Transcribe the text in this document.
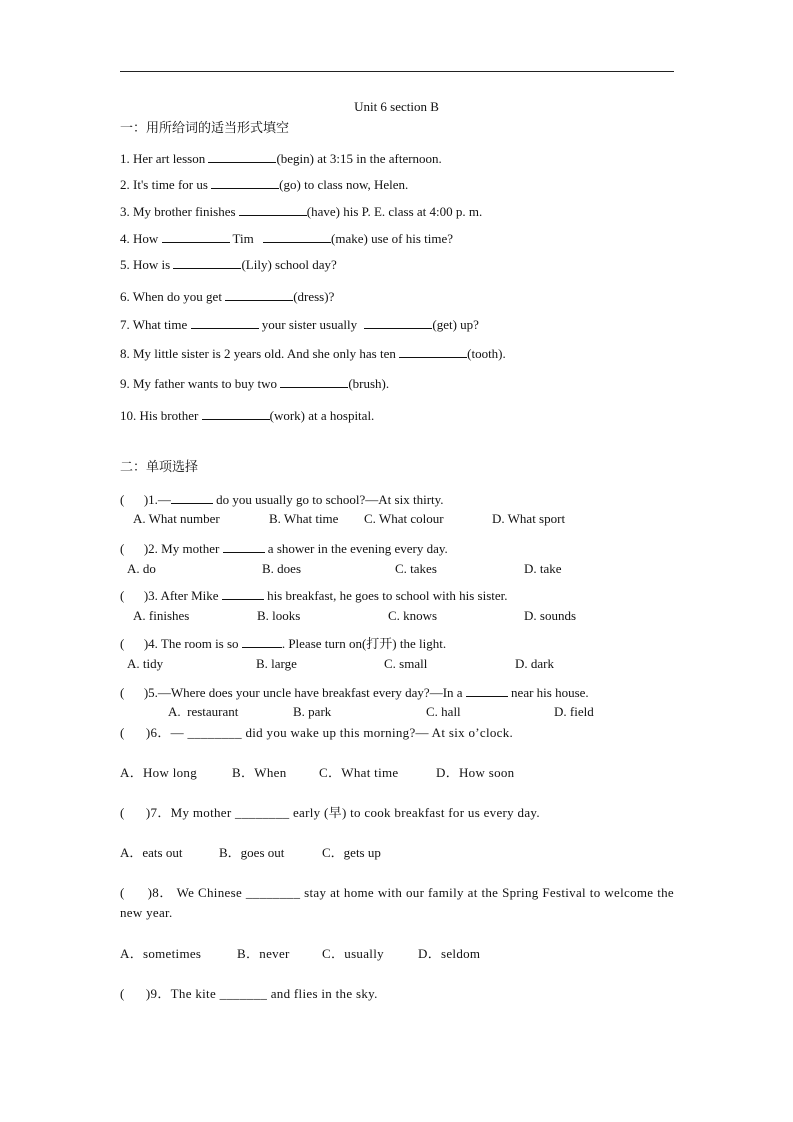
Unit 6 section B
一：用所给词的适当形式填空
1. Her art lesson	(begin) at 3:15 in the afternoon.
2. It's time for us	(go) to class now, Helen.
3. My brother finishes	(have) his P. E. class at 4:00 p. m.
4. How	Tim	(make) use of his time?
5. How is	(Lily) school day?
6. When do you get	(dress)?
7. What time	your sister usually	(get) up?
8. My little sister is 2 years old. And she only has ten	(tooth).
9. My father wants to buy two	(brush).
10. His brother	(work) at a hospital.
二：单项选择
(      )1.—	do you usually go to school?—At six thirty.
A. What number	B. What time C. What colour	D. What sport
(      )2. My mother	a shower in the evening every day.
A. do	B. does	C. takes	D. take
(      )3. After Mike	his breakfast, he goes to school with his sister.
A. finishes	B. looks	C. knows	D. sounds
(      )4. The room is so	. Please turn on(打开) the light.
A. tidy	B. large	C. small	D. dark
(      )5.—Where does your uncle have breakfast every day?—In a	near his house.
A.  restaurant	B. park	C. hall	D. field
(      )6．— ________ did you wake up this morning?— At six o’clock.
A．How long	B．When C．What time	D．How soon
(      )7．My mother ________ early (早) to cook breakfast for us every day.
A．eats out	B．goes out	C．gets up
(      )8． We Chinese ________ stay at home with our family at the Spring Festival to welcome the new year.
A．sometimes	B．never C．usually	D．seldom
(      )9．The kite _______ and flies in the sky.
